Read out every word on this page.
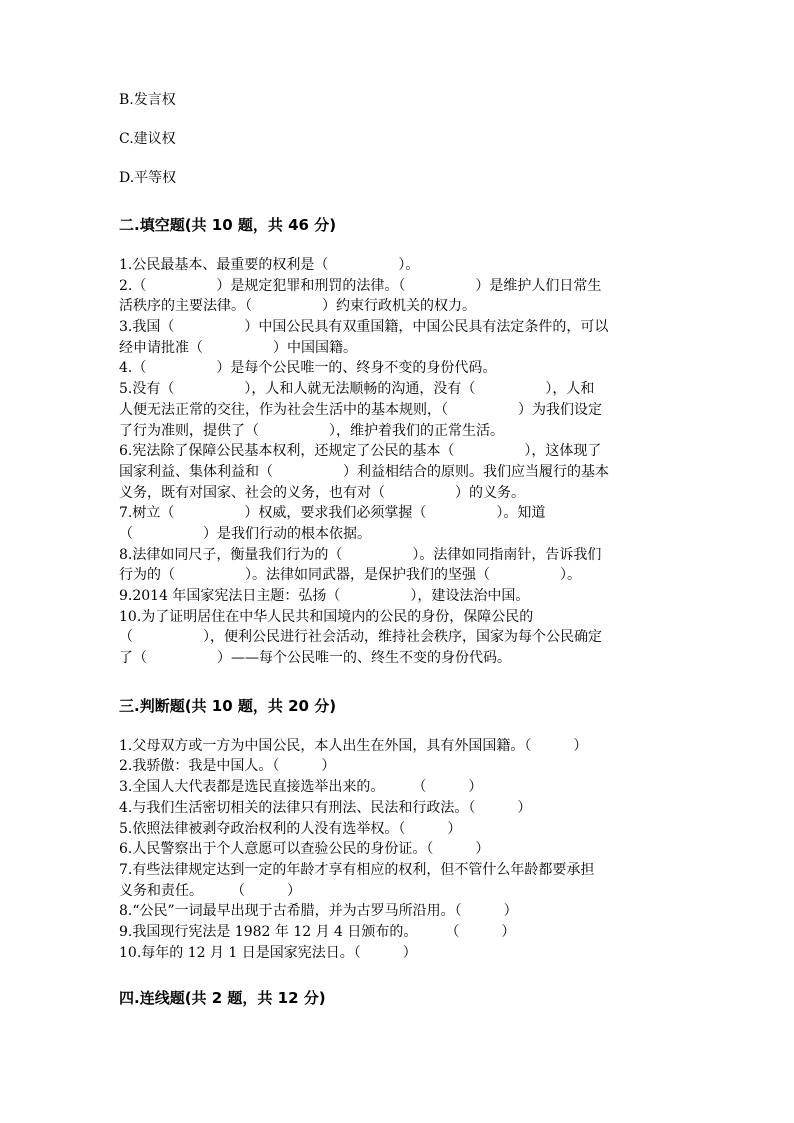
B.发言权
C.建议权
D.平等权
二.填空题(共 10 题，共 46 分)
1.公民最基本、最重要的权利是（　　　　　）。
2.（　　　　　）是规定犯罪和刑罚的法律。（　　　　　）是维护人们日常生
活秩序的主要法律。（　　　　　）约束行政机关的权力。
3.我国（　　　　　）中国公民具有双重国籍，中国公民具有法定条件的，可以
经申请批准（　　　　　）中国国籍。
4.（　　　　　）是每个公民唯一的、终身不变的身份代码。
5.没有（　　　　　），人和人就无法顺畅的沟通，没有（　　　　　），人和
人便无法正常的交往，作为社会生活中的基本规则，（　　　　　）为我们设定
了行为准则，提供了（　　　　　），维护着我们的正常生活。
6.宪法除了保障公民基本权利，还规定了公民的基本（　　　　　），这体现了
国家利益、集体利益和（　　　　　）利益相结合的原则。我们应当履行的基本
义务，既有对国家、社会的义务，也有对（　　　　　）的义务。
7.树立（　　　　　）权威，要求我们必须掌握（　　　　　）。知道
（　　　　　）是我们行动的根本依据。
8.法律如同尺子，衡量我们行为的（　　　　　）。法律如同指南针，告诉我们
行为的（　　　　　）。法律如同武器，是保护我们的坚强（　　　　　）。
9.2014 年国家宪法日主题：弘扬（　　　　　），建设法治中国。
10.为了证明居住在中华人民共和国境内的公民的身份，保障公民的
（　　　　　），便利公民进行社会活动，维持社会秩序，国家为每个公民确定
了（　　　　　）——每个公民唯一的、终生不变的身份代码。
三.判断题(共 10 题，共 20 分)
1.父母双方或一方为中国公民，本人出生在外国，具有外国国籍。（　　　）
2.我骄傲：我是中国人。（　　　）
3.全国人大代表都是选民直接选举出来的。　　　（　　　）
4.与我们生活密切相关的法律只有刑法、民法和行政法。（　　　）
5.依照法律被剥夺政治权利的人没有选举权。（　　　）
6.人民警察出于个人意愿可以查验公民的身份证。（　　　）
7.有些法律规定达到一定的年龄才享有相应的权利，但不管什么年龄都要承担
义务和责任。　　　（　　　）
8.“公民”一词最早出现于古希腊，并为古罗马所沿用。（　　　）
9.我国现行宪法是 1982 年 12 月 4 日颁布的。　　　（　　　）
10.每年的 12 月 1 日是国家宪法日。（　　　）
四.连线题(共 2 题，共 12 分)
